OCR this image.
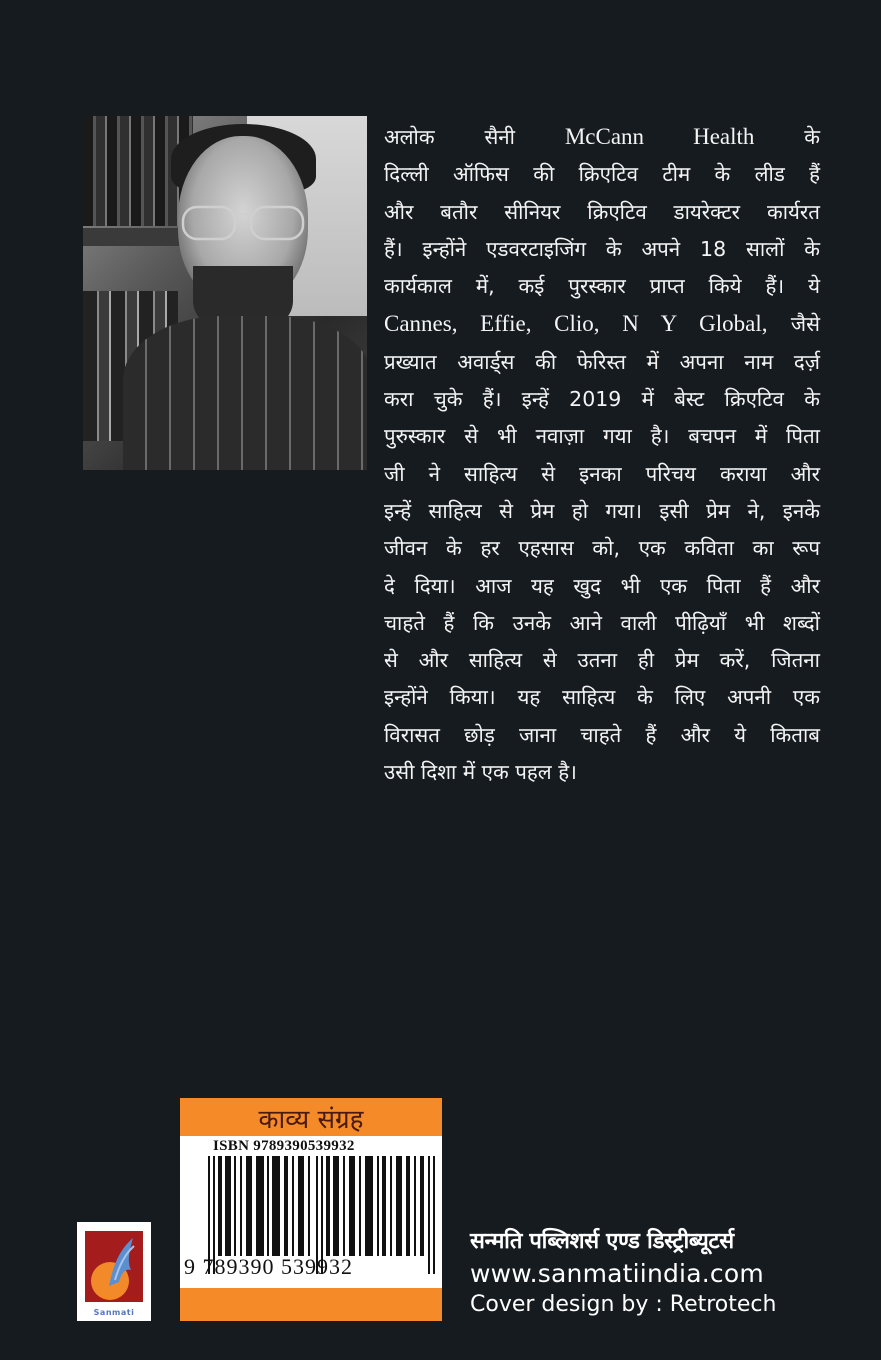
अलोक सैनी McCann Health के
दिल्ली ऑफिस की क्रिएटिव टीम के लीड हैं
और बतौर सीनियर क्रिएटिव डायरेक्टर कार्यरत
हैं। इन्होंने एडवरटाइजिंग के अपने 18 सालों के
कार्यकाल में, कई पुरस्कार प्राप्त किये हैं। ये
Cannes, Effie, Clio, N Y Global, जैसे
प्रख्यात अवार्ड्स की फेरिस्त में अपना नाम दर्ज़
करा चुके हैं। इन्हें 2019 में बेस्ट क्रिएटिव के
पुरुस्कार से भी नवाज़ा गया है। बचपन में पिता
जी ने साहित्य से इनका परिचय कराया और
इन्हें साहित्य से प्रेम हो गया। इसी प्रेम ने, इनके
जीवन के हर एहसास को, एक कविता का रूप
दे दिया। आज यह खुद भी एक पिता हैं और
चाहते हैं कि उनके आने वाली पीढ़ियाँ भी शब्दों
से और साहित्य से उतना ही प्रेम करें, जितना
इन्होंने किया। यह साहित्य के लिए अपनी एक
विरासत छोड़ जाना चाहते हैं और ये किताब
उसी दिशा में एक पहल है।
काव्य संग्रह
ISBN 9789390539932
9 789390 539932
Sanmati
सन्मति पब्लिशर्स एण्ड डिस्ट्रीब्यूटर्स
www.sanmatiindia.com
Cover design by : Retrotech
